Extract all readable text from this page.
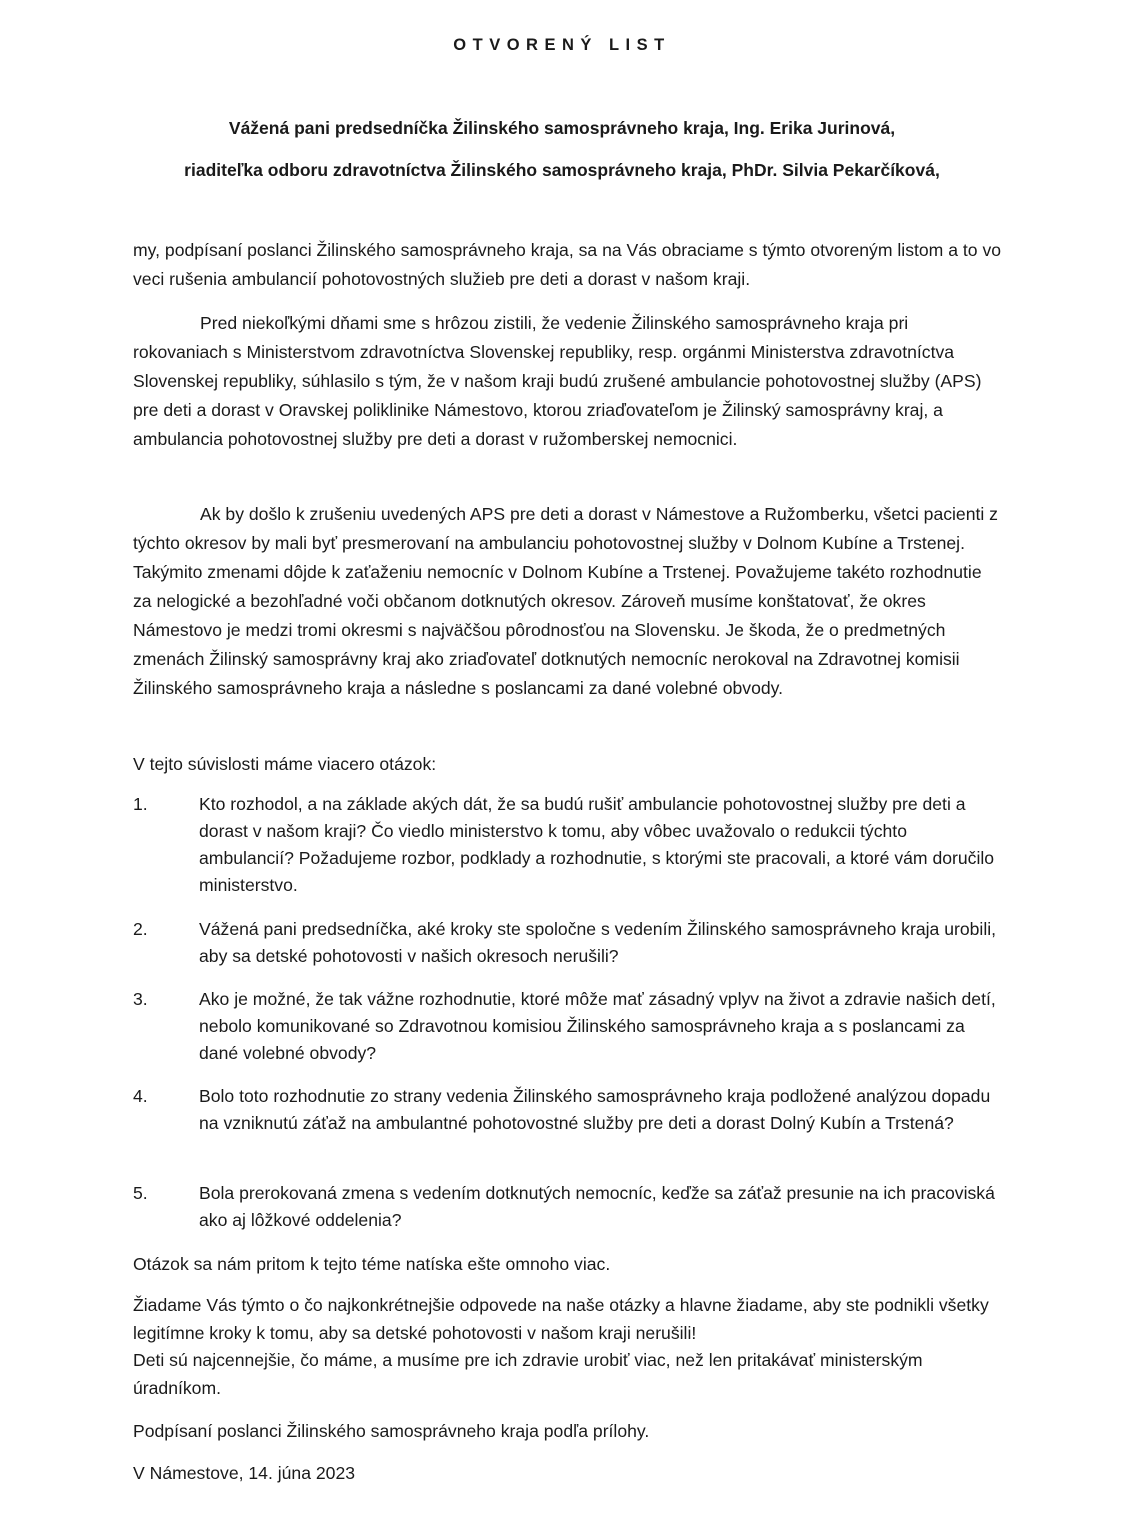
OTVORENÝ LIST

Vážená pani predsedníčka Žilinského samosprávneho kraja, Ing. Erika Jurinová,

riaditeľka odboru zdravotníctva Žilinského samosprávneho kraja, PhDr. Silvia Pekarčíková,

my, podpísaní poslanci Žilinského samosprávneho kraja, sa na Vás obraciame s týmto otvoreným listom a to vo veci rušenia ambulancií pohotovostných služieb pre deti a dorast v našom kraji.

Pred niekoľkými dňami sme s hrôzou zistili, že vedenie Žilinského samosprávneho kraja pri rokovaniach s Ministerstvom zdravotníctva Slovenskej republiky, resp. orgánmi Ministerstva zdravotníctva Slovenskej republiky, súhlasilo s tým, že v našom kraji budú zrušené ambulancie pohotovostnej služby (APS) pre deti a dorast v Oravskej poliklinike Námestovo, ktorou zriaďovateľom je Žilinský samosprávny kraj, a ambulancia pohotovostnej služby pre deti a dorast v ružomberskej nemocnici.

Ak by došlo k zrušeniu uvedených APS pre deti a dorast v Námestove a Ružomberku, všetci pacienti z týchto okresov by mali byť presmerovaní na ambulanciu pohotovostnej služby v Dolnom Kubíne a Trstenej. Takýmito zmenami dôjde k zaťaženiu nemocníc v Dolnom Kubíne a Trstenej. Považujeme takéto rozhodnutie za nelogické a bezohľadné voči občanom dotknutých okresov. Zároveň musíme konštatovať, že okres Námestovo je medzi tromi okresmi s najväčšou pôrodnosťou na Slovensku. Je škoda, že o predmetných zmenách Žilinský samosprávny kraj ako zriaďovateľ dotknutých nemocníc nerokoval na Zdravotnej komisii Žilinského samosprávneho kraja a následne s poslancami za dané volebné obvody.

V tejto súvislosti máme viacero otázok:

1.	Kto rozhodol, a na základe akých dát, že sa budú rušiť ambulancie pohotovostnej služby pre deti a dorast v našom kraji? Čo viedlo ministerstvo k tomu, aby vôbec uvažovalo o redukcii týchto ambulancií? Požadujeme rozbor, podklady a rozhodnutie, s ktorými ste pracovali, a ktoré vám doručilo ministerstvo.
2.	Vážená pani predsedníčka, aké kroky ste spoločne s vedením Žilinského samosprávneho kraja urobili, aby sa detské pohotovosti v našich okresoch nerušili?
3.	Ako je možné, že tak vážne rozhodnutie, ktoré môže mať zásadný vplyv na život a zdravie našich detí, nebolo komunikované so Zdravotnou komisiou Žilinského samosprávneho kraja a s poslancami za dané volebné obvody?
4.	Bolo toto rozhodnutie zo strany vedenia Žilinského samosprávneho kraja podložené analýzou dopadu na vzniknutú záťaž na ambulantné pohotovostné služby pre deti a dorast Dolný Kubín a Trstená?
5.	Bola prerokovaná zmena s vedením dotknutých nemocníc, keďže sa záťaž presunie na ich pracoviská ako aj lôžkové oddelenia?

Otázok sa nám pritom k tejto téme natíska ešte omnoho viac.

Žiadame Vás týmto o čo najkonkrétnejšie odpovede na naše otázky a hlavne žiadame, aby ste podnikli všetky legitímne kroky k tomu, aby sa detské pohotovosti v našom kraji nerušili!
Deti sú najcennejšie, čo máme, a musíme pre ich zdravie urobiť viac, než len pritakávať ministerským úradníkom.

Podpísaní poslanci Žilinského samosprávneho kraja podľa prílohy.

V Námestove, 14. júna 2023
